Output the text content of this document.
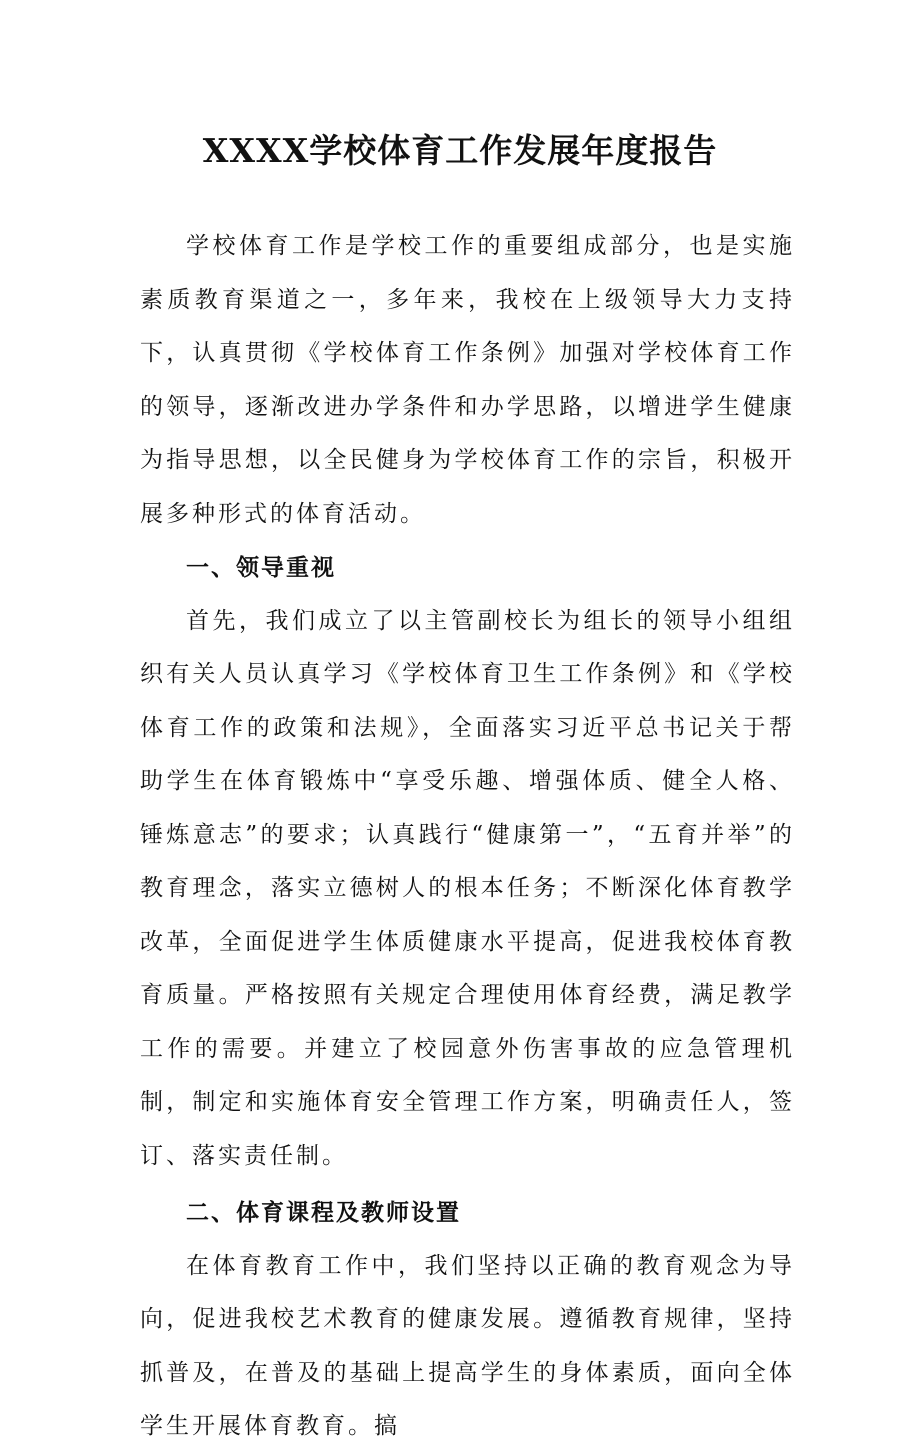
XXXX学校体育工作发展年度报告

学校体育工作是学校工作的重要组成部分，也是实施素质教育渠道之一，多年来，我校在上级领导大力支持下，认真贯彻《学校体育工作条例》加强对学校体育工作的领导，逐渐改进办学条件和办学思路，以增进学生健康为指导思想，以全民健身为学校体育工作的宗旨，积极开展多种形式的体育活动。

一、领导重视

首先，我们成立了以主管副校长为组长的领导小组组织有关人员认真学习《学校体育卫生工作条例》和《学校体育工作的政策和法规》，全面落实习近平总书记关于帮助学生在体育锻炼中“享受乐趣、增强体质、健全人格、锤炼意志”的要求；认真践行“健康第一”，“五育并举”的教育理念，落实立德树人的根本任务；不断深化体育教学改革，全面促进学生体质健康水平提高，促进我校体育教育质量。严格按照有关规定合理使用体育经费，满足教学工作的需要。并建立了校园意外伤害事故的应急管理机制，制定和实施体育安全管理工作方案，明确责任人，签订、落实责任制。

二、体育课程及教师设置

在体育教育工作中，我们坚持以正确的教育观念为导向，促进我校艺术教育的健康发展。遵循教育规律，坚持抓普及，在普及的基础上提高学生的身体素质，面向全体学生开展体育教育。搞
